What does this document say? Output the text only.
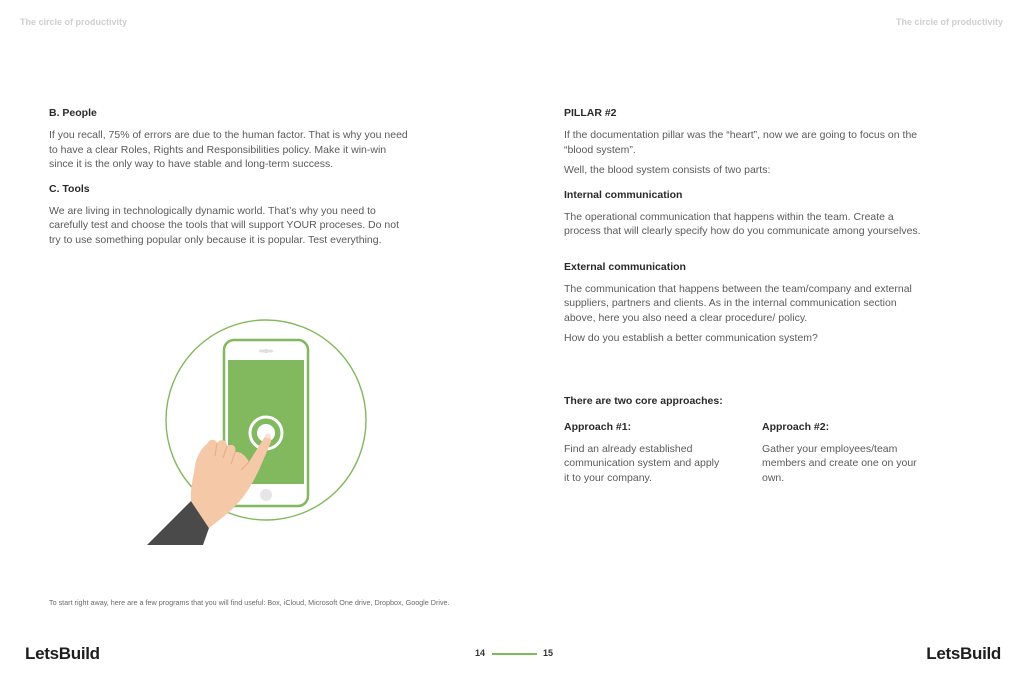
The circle of productivity	The circle of productivity
B. People

If you recall, 75% of errors are due to the human factor. That is why you need to have a clear Roles, Rights and Responsibilities policy. Make it win-win since it is the only way to have stable and long-term success.

C. Tools

We are living in technologically dynamic world. That’s why you need to carefully test and choose the tools that will support YOUR proceses. Do not try to use something popular only because it is popular. Test everything.

To start right away, here are a few programs that you will find useful: Box, iCloud, Microsoft One drive, Dropbox, Google Drive.
PILLAR #2

If the documentation pillar was the “heart”, now we are going to focus on the “blood system”.

Well, the blood system consists of two parts:

Internal communication

The operational communication that happens within the team. Create a process that will clearly specify how do you communicate among yourselves.

External communication

The communication that happens between the team/company and external suppliers, partners and clients. As in the internal communication section above, here you also need a clear procedure/ policy.

How do you establish a better communication system?

There are two core approaches:
Approach #1:

Find an already established communication system and apply it to your company.

Approach #2:

Gather your employees/team members and create one on your own.

LetsBuild	14	15	LetsBuild
